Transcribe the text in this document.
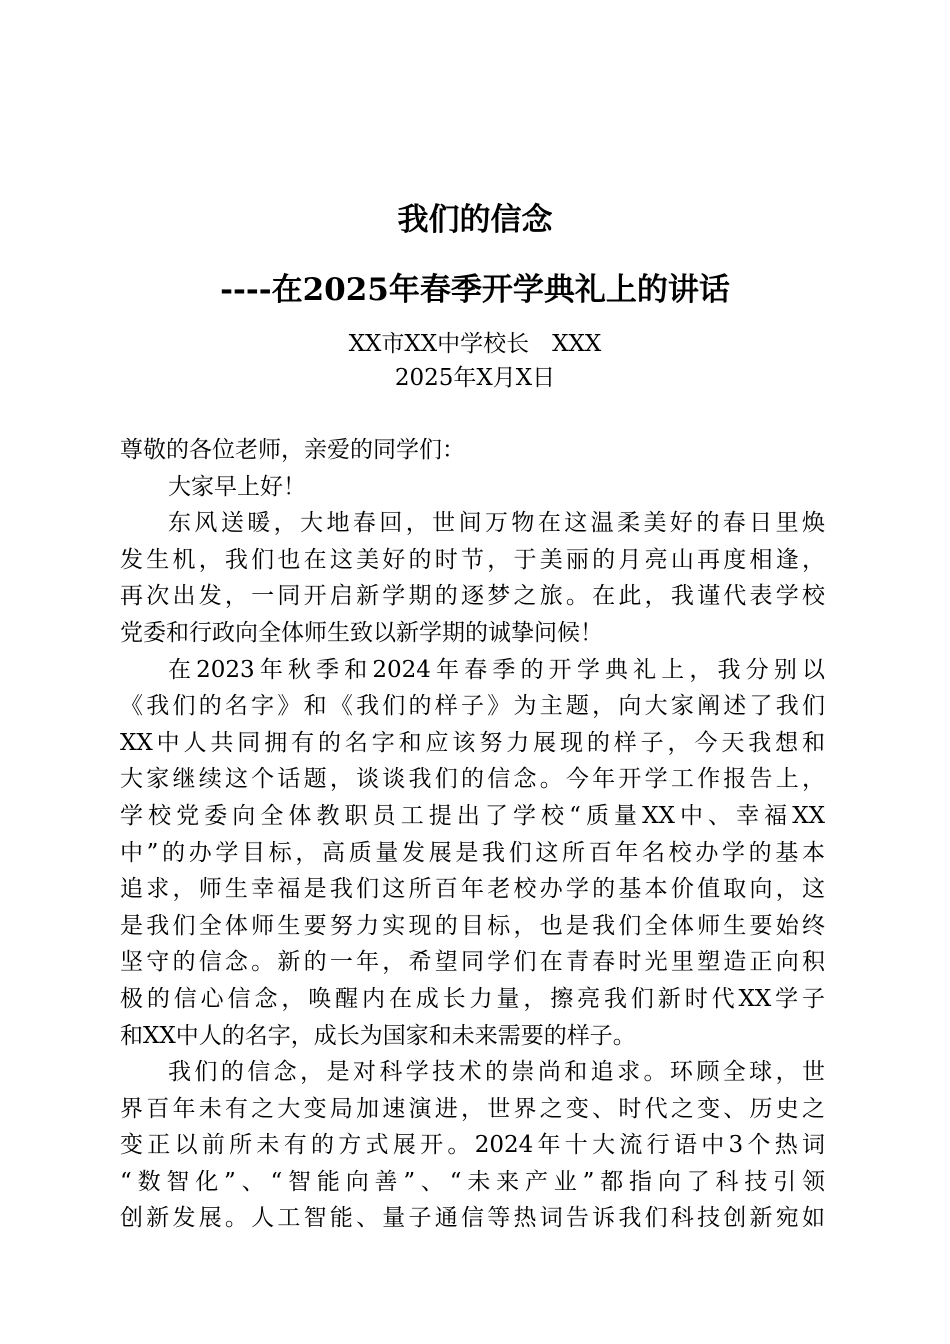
我们的信念
----在2025年春季开学典礼上的讲话
XX市XX中学校长　XXX
2025年X月X日
尊敬的各位老师，亲爱的同学们：
大家早上好！
东风送暖，大地春回，世间万物在这温柔美好的春日里焕
发生机，我们也在这美好的时节，于美丽的月亮山再度相逢，
再次出发，一同开启新学期的逐梦之旅。在此，我谨代表学校
党委和行政向全体师生致以新学期的诚挚问候！
在2023年秋季和2024年春季的开学典礼上，我分别以
《我们的名字》和《我们的样子》为主题，向大家阐述了我们
XX中人共同拥有的名字和应该努力展现的样子，今天我想和
大家继续这个话题，谈谈我们的信念。今年开学工作报告上，
学校党委向全体教职员工提出了学校“质量XX中、幸福XX
中”的办学目标，高质量发展是我们这所百年名校办学的基本
追求，师生幸福是我们这所百年老校办学的基本价值取向，这
是我们全体师生要努力实现的目标，也是我们全体师生要始终
坚守的信念。新的一年，希望同学们在青春时光里塑造正向积
极的信心信念，唤醒内在成长力量，擦亮我们新时代XX学子
和XX中人的名字，成长为国家和未来需要的样子。
我们的信念，是对科学技术的崇尚和追求。环顾全球，世
界百年未有之大变局加速演进，世界之变、时代之变、历史之
变正以前所未有的方式展开。2024年十大流行语中3个热词
“数智化”、“智能向善”、“未来产业”都指向了科技引领
创新发展。人工智能、量子通信等热词告诉我们科技创新宛如
